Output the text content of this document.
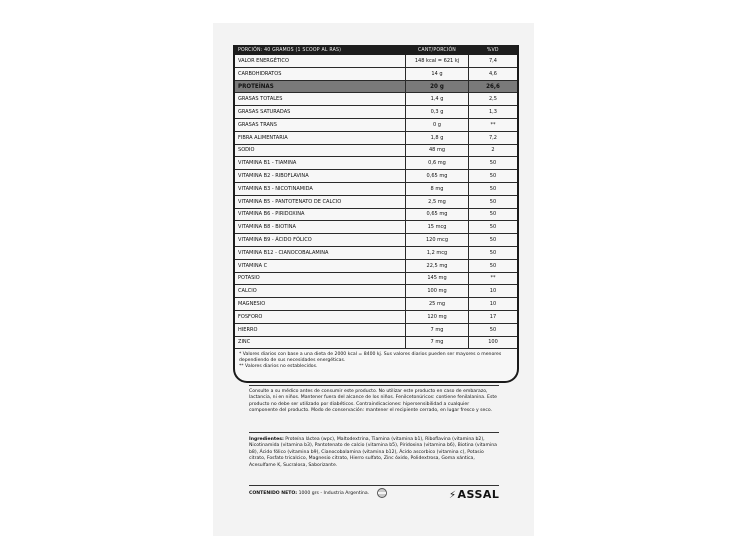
PORCIÓN: 40 GRAMOS (1 SCOOP AL RAS)	CANT/PORCIÓN	%VD
VALOR ENERGÉTICO	148 kcal = 621 kj	7,4
CARBOHIDRATOS	14 g	4,6
PROTEÍNAS	20 g	26,6
GRASAS TOTALES	1,4 g	2,5
GRASAS SATURADAS	0,3 g	1,3
GRASAS TRANS	0 g	**
FIBRA ALIMENTARIA	1,8 g	7,2
SODIO	48 mg	2
VITAMINA B1 - TIAMINA	0,6 mg	50
VITAMINA B2 - RIBOFLAVINA	0,65 mg	50
VITAMINA B3 - NICOTINAMIDA	8 mg	50
VITAMINA B5 - PANTOTENATO DE CALCIO	2,5 mg	50
VITAMINA B6 - PIRIDOXINA	0,65 mg	50
VITAMINA B8 - BIOTINA	15 mcg	50
VITAMINA B9 - ÁCIDO FÓLICO	120 mcg	50
VITAMINA B12 - CIANOCOBALAMINA	1,2 mcg	50
VITAMINA C	22,5 mg	50
POTASIO	145 mg	**
CALCIO	100 mg	10
MAGNESIO	25 mg	10
FOSFORO	120 mg	17
HIERRO	7 mg	50
ZINC	7 mg	100
* Valores diarios con base a una dieta de 2000 kcal = 8400 kj. Sus valores diarios pueden ser mayores o menores dependiendo de sus necesidades energéticas.
** Valores diarios no establecidos.
Consulte a su médico antes de consumir este producto. No utilizar este producto en caso de embarazo, lactancia, ni en niños. Mantener fuera del alcance de los niños. Fenilcetonúricos: contiene fenilalanina. Este producto no debe ser utilizado por diabéticos. Contraindicaciones: hipersensibilidad a cualquier componente del producto. Modo de conservación: mantener el recipiente cerrado, en lugar fresco y seco.
Ingredientes: Proteína láctea (wpc), Maltodextrina, Tiamina (vitamina b1), Riboflavina (vitamina b2), Nicotinamida (vitamina b3), Pantotenato de calcio (vitamina b5), Piridoxina (vitamina b6), Biotina (vitamina b8), Ácido fólico (vitamina b9), Cianocobalamina (vitamina b12), Ácido ascorbico (vitamina c), Potasio citrato, Fosfato tricalcico, Magnesio citrato, Hierro sulfato, Zinc óxido, Polidextrosa, Goma xántica, Acesulfame K, Sucralosa, Saborizante.
CONTENIDO NETO: 1000 grs - Industria Argentina.	⚡ASSAL
